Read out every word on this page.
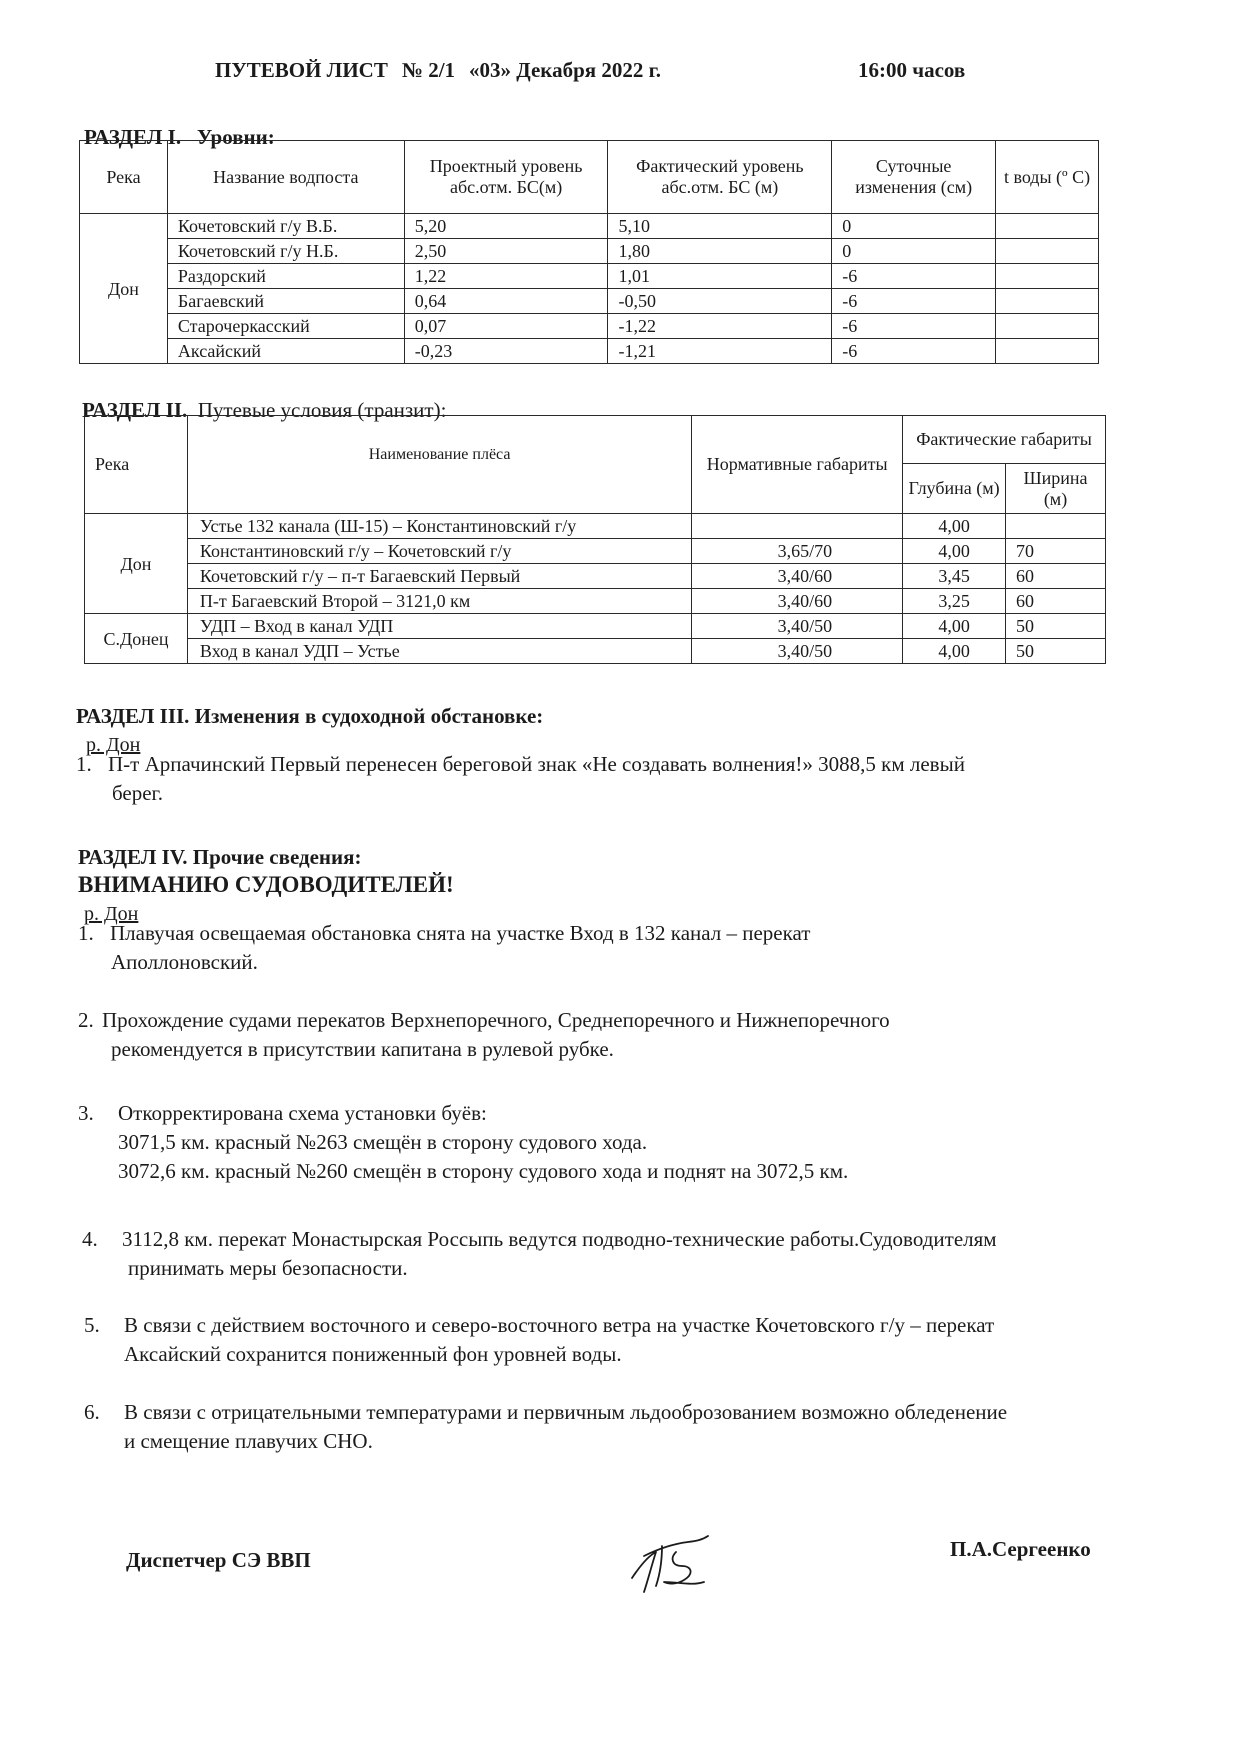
ПУТЕВОЙ ЛИСТ № 2/1 «03» Декабря 2022 г.	16:00 часов
РАЗДЕЛ I. Уровни:
Река	Название водпоста	Проектный уровень абс.отм. БС(м)	Фактический уровень абс.отм. БС (м)	Суточные изменения (см)	t воды (º С)
Дон	Кочетовский г/у В.Б.	5,20	5,10	0	
	Кочетовский г/у Н.Б.	2,50	1,80	0	
	Раздорский	1,22	1,01	-6	
	Багаевский	0,64	-0,50	-6	
	Старочеркасский	0,07	-1,22	-6	
	Аксайский	-0,23	-1,21	-6	
РАЗДЕЛ II. Путевые условия (транзит):
Река	Наименование плёса	Нормативные габариты	Фактические габариты	
			Глубина (м)	Ширина (м)
Дон	Устье 132 канала (Ш-15) – Константиновский г/у		4,00	
	Константиновский г/у – Кочетовский г/у	3,65/70	4,00	70
	Кочетовский г/у – п-т Багаевский Первый	3,40/60	3,45	60
	П-т Багаевский Второй – 3121,0 км	3,40/60	3,25	60
С.Донец	УДП – Вход в канал УДП	3,40/50	4,00	50
	Вход в канал УДП – Устье	3,40/50	4,00	50
РАЗДЕЛ III. Изменения в судоходной обстановке:
р. Дон
1. П-т Арпачинский Первый перенесен береговой знак «Не создавать волнения!» 3088,5 км левый
берег.
РАЗДЕЛ IV. Прочие сведения:
ВНИМАНИЮ СУДОВОДИТЕЛЕЙ!
р. Дон
1. Плавучая освещаемая обстановка снята на участке Вход в 132 канал – перекат
Аполлоновский.
2. Прохождение судами перекатов Верхнепоречного, Среднепоречного и Нижнепоречного
рекомендуется в присутствии капитана в рулевой рубке.
3. Откорректирована схема установки буёв:
3071,5 км. красный №263 смещён в сторону судового хода.
3072,6 км. красный №260 смещён в сторону судового хода и поднят на 3072,5 км.
4. 3112,8 км. перекат Монастырская Россыпь ведутся подводно-технические работы.Судоводителям
принимать меры безопасности.
5. В связи с действием восточного и северо-восточного ветра на участке Кочетовского г/у – перекат
Аксайский сохранится пониженный фон уровней воды.
6. В связи с отрицательными температурами и первичным льдооброзованием возможно обледенение
и смещение плавучих СНО.
Диспетчер СЭ ВВП	П.А.Сергеенко
